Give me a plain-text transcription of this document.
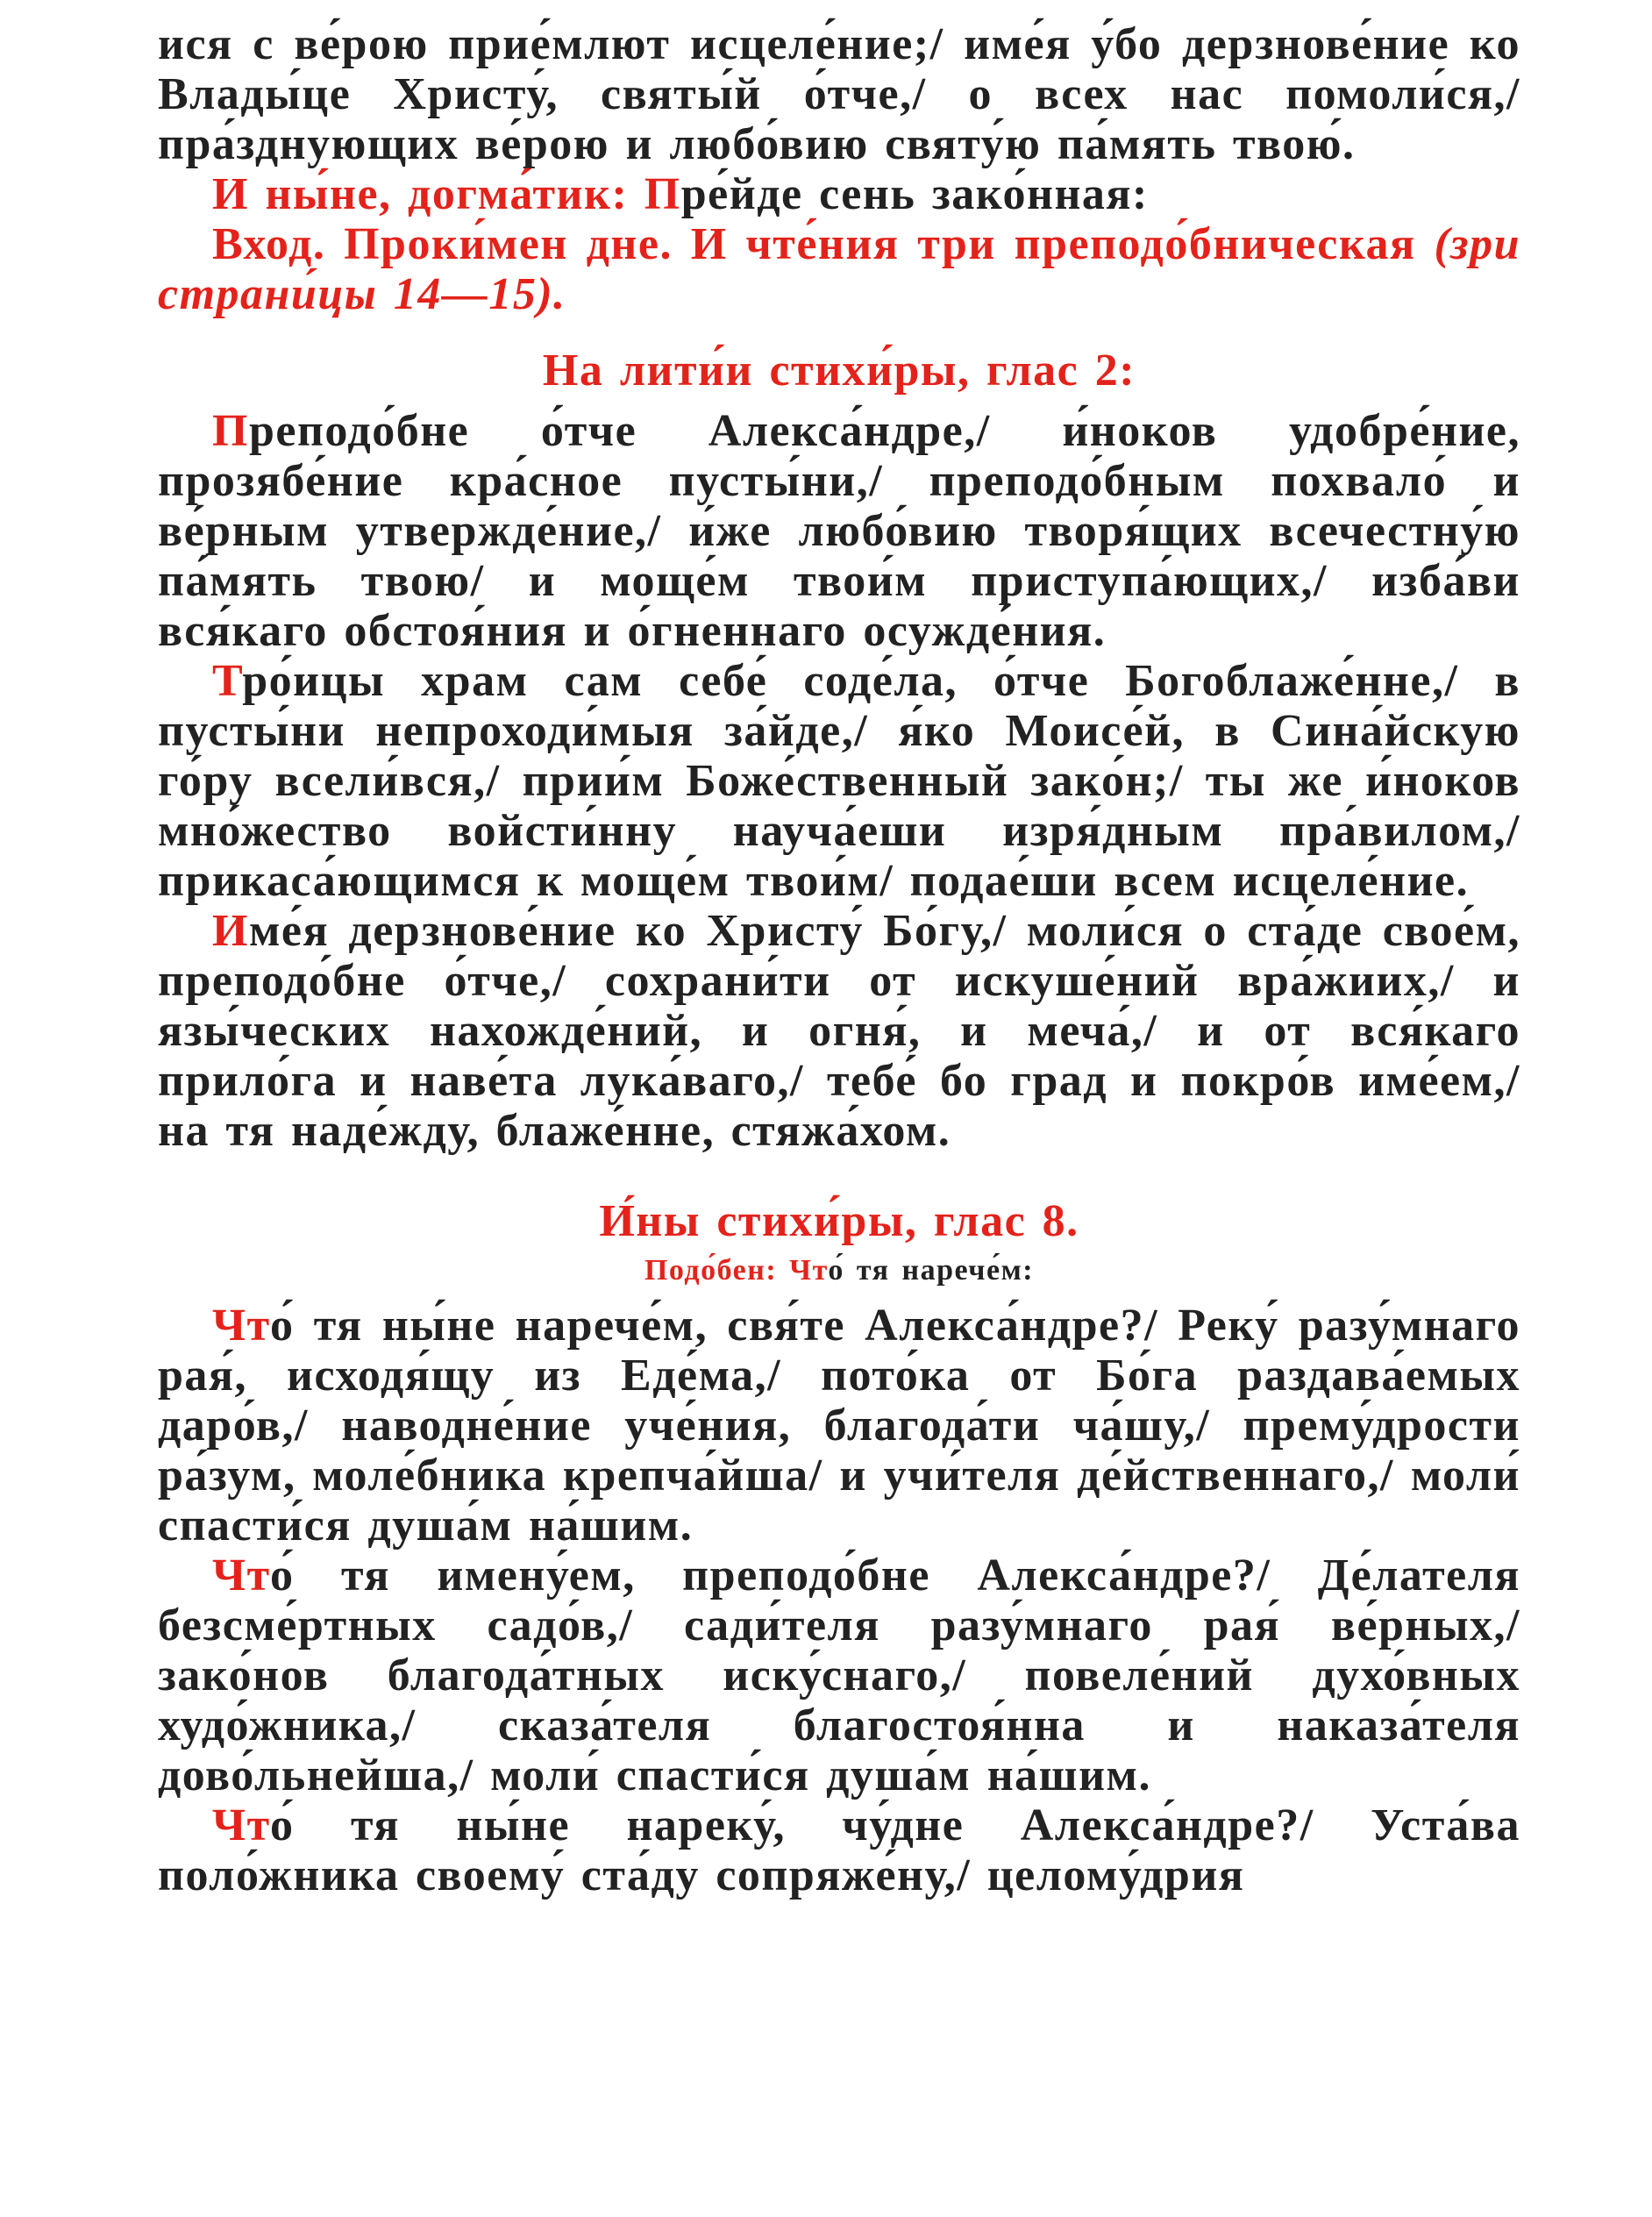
ися с ве́рою прие́млют исцеле́ние;/ име́я у́бо дерзнове́ние ко Влады́це Христу́, святы́й о́тче,/ о всех нас помоли́ся,/ пра́зднующих ве́рою и любо́вию святу́ю па́мять твою́.

И ны́не, догма́тик: Пре́йде сень зако́нная:

Вход. Проки́мен дне. И чте́ния три преподо́бническая (зри страни́цы 14—15).

На лити́и стихи́ры, глас 2:

Преподо́бне о́тче Алекса́ндре,/ и́ноков удобре́ние, прозябе́ние кра́сное пусты́ни,/ преподо́бным похвало́ и ве́рным утвержде́ние,/ и́же любо́вию творя́щих всечестну́ю па́мять твою/ и моще́м твои́м приступа́ющих,/ изба́ви вся́каго обстоя́ния и о́гненнаго осужде́ния.

Тро́ицы храм сам себе́ соде́ла, о́тче Богоблаже́нне,/ в пусты́ни непроходи́мыя за́йде,/ я́ко Моисе́й, в Сина́йскую го́ру всели́вся,/ прии́м Боже́ственный зако́н;/ ты же и́ноков мно́жество войсти́нну науча́еши изря́дным пра́вилом,/ прикаса́ющимся к моще́м твои́м/ подае́ши всем исцеле́ние.

Име́я дерзнове́ние ко Христу́ Бо́гу,/ моли́ся о ста́де свое́м, преподо́бне о́тче,/ сохрани́ти от искуше́ний вра́жиих,/ и язы́ческих нахожде́ний, и огня́, и меча́,/ и от вся́каго прило́га и наве́та лука́ваго,/ тебе́ бо град и покро́в име́ем,/ на тя наде́жду, блаже́нне, стяжа́хом.

И́ны стихи́ры, глас 8.

Подо́бен: Что́ тя нарече́м:

Что́ тя ны́не нарече́м, свя́те Алекса́ндре?/ Реку́ разу́мнаго рая́, исходя́щу из Еде́ма,/ пото́ка от Бо́га раздава́емых даро́в,/ наводне́ние уче́ния, благода́ти ча́шу,/ прему́дрости ра́зум, моле́бника крепча́йша/ и учи́теля де́йственнаго,/ моли́ спасти́ся душа́м на́шим.

Что́ тя имену́ем, преподо́бне Алекса́ндре?/ Де́лателя безсме́ртных садо́в,/ сади́теля разу́мнаго рая́ ве́рных,/ зако́нов благода́тных иску́снаго,/ повеле́ний духо́вных худо́жника,/ сказа́теля благостоя́нна и наказа́теля дово́льнейша,/ моли́ спасти́ся душа́м на́шим.

Что́ тя ны́не нареку́, чу́дне Алекса́ндре?/ Уста́ва поло́жника своему́ ста́ду сопряже́ну,/ целому́дрия
